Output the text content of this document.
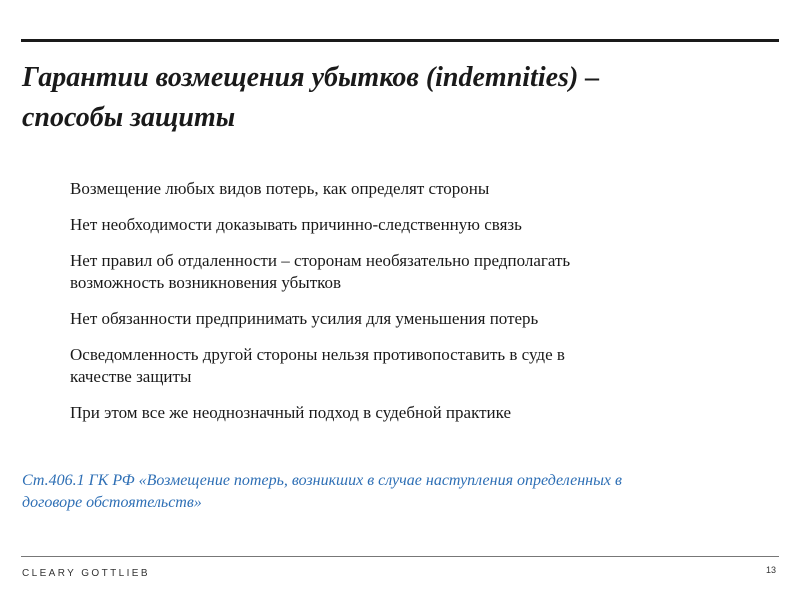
Гарантии возмещения убытков (indemnities) –
способы защиты
Возмещение любых видов потерь, как определят стороны
Нет необходимости доказывать причинно-следственную связь
Нет правил об отдаленности – сторонам необязательно предполагать
возможность возникновения убытков
Нет обязанности предпринимать усилия для уменьшения потерь
Осведомленность другой стороны нельзя противопоставить в суде в
качестве защиты
При этом все же неоднозначный подход в судебной практике

Ст.406.1 ГК РФ «Возмещение потерь, возникших в случае наступления определенных в
договоре обстоятельств»

CLEARY GOTTLIEB	13
